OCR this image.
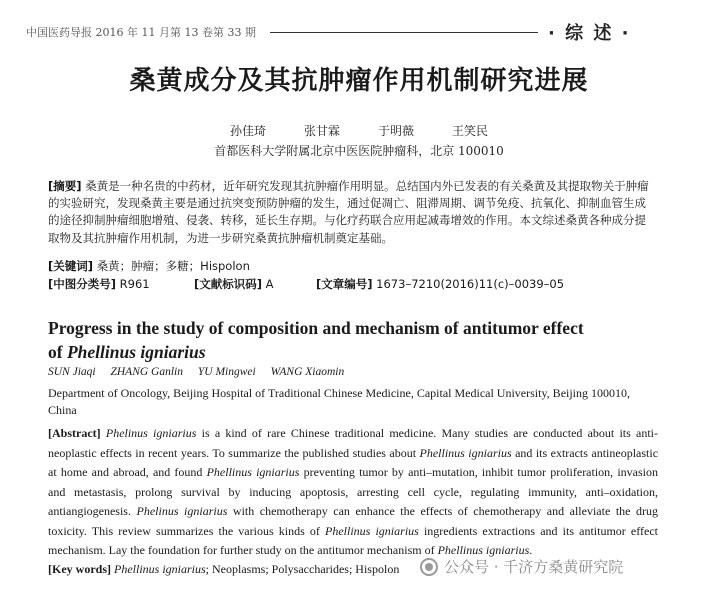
中国医药导报 2016 年 11 月第 13 卷第 33 期	· 综 述 ·
桑黄成分及其抗肿瘤作用机制研究进展
孙佳琦	张甘霖	于明薇	王笑民
首都医科大学附属北京中医医院肿瘤科，北京 100010
[摘要] 桑黄是一种名贵的中药材，近年研究发现其抗肿瘤作用明显。总结国内外已发表的有关桑黄及其提取物关于肿瘤的实验研究，发现桑黄主要是通过抗突变预防肿瘤的发生，通过促凋亡、阻滞周期、调节免疫、抗氧化、抑制血管生成的途径抑制肿瘤细胞增殖、侵袭、转移，延长生存期。与化疗药联合应用起减毒增效的作用。本文综述桑黄各种成分提取物及其抗肿瘤作用机制，为进一步研究桑黄抗肿瘤机制奠定基础。
[关键词] 桑黄；肿瘤；多糖；Hispolon
[中图分类号] R961	[文献标识码] A	[文章编号] 1673–7210(2016)11(c)–0039–05
Progress in the study of composition and mechanism of antitumor effect
of Phellinus igniarius
SUN Jiaqi ZHANG Ganlin YU Mingwei WANG Xiaomin
Department of Oncology, Beijing Hospital of Traditional Chinese Medicine, Capital Medical University, Beijing 100010, China
[Abstract] Phelinus igniarius is a kind of rare Chinese traditional medicine. Many studies are conducted about its anti-neoplastic effects in recent years. To summarize the published studies about Phellinus igniarius and its extracts antineoplastic at home and abroad, and found Phellinus igniarius preventing tumor by anti–mutation, inhibit tumor proliferation, invasion and metastasis, prolong survival by inducing apoptosis, arresting cell cycle, regulating immunity, anti–oxidation, antiangiogenesis. Phelinus igniarius with chemotherapy can enhance the effects of chemotherapy and alleviate the drug toxicity. This review summarizes the various kinds of Phellinus igniarius ingredients extractions and its antitumor effect mechanism. Lay the foundation for further study on the antitumor mechanism of Phellinus igniarius.
[Key words] Phellinus igniarius; Neoplasms; Polysaccharides; Hispolon	公众号 · 千济方桑黄研究院
